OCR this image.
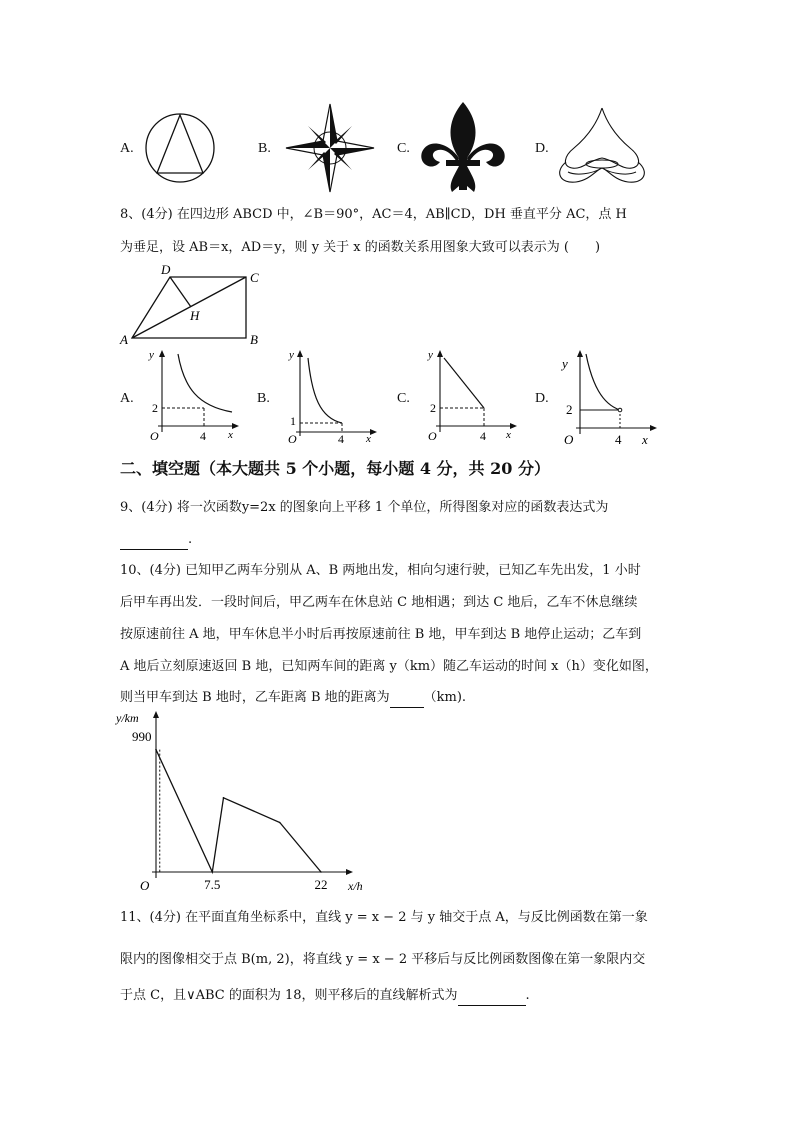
A.	B.	C.	D.
8、(4分) 在四边形 ABCD 中，∠B＝90°，AC＝4，AB∥CD，DH 垂直平分 AC，点 H
为垂足，设 AB＝x，AD＝y，则 y 关于 x 的函数关系用图象大致可以表示为 (　　)
A
D
C
B
H
A.
y
2
O	4 x
B.
y
1
O	4 x
C.
y
2
O	4 x
D.
y
2
O	4 x
二、填空题（本大题共 5 个小题，每小题 4 分，共 20 分）
9、(4分) 将一次函数y=2x 的图象向上平移 1 个单位，所得图象对应的函数表达式为
.
10、(4分) 已知甲乙两车分别从 A、B 两地出发，相向匀速行驶，已知乙车先出发，1 小时
后甲车再出发．一段时间后，甲乙两车在休息站 C 地相遇；到达 C 地后，乙车不休息继续
按原速前往 A 地，甲车休息半小时后再按原速前往 B 地，甲车到达 B 地停止运动；乙车到
A 地后立刻原速返回 B 地，已知两车间的距离 y（km）随乙车运动的时间 x（h）变化如图，
则当甲车到达 B 地时，乙车距离 B 地的距离为	（km).
y/km
990
O	7.5	22 x/h
11、(4分) 在平面直角坐标系中，直线 y = x − 2 与 y 轴交于点 A，与反比例函数在第一象
限内的图像相交于点 B(m, 2)，将直线 y = x − 2 平移后与反比例函数图像在第一象限内交
于点 C，且∨ABC 的面积为 18，则平移后的直线解析式为	.
